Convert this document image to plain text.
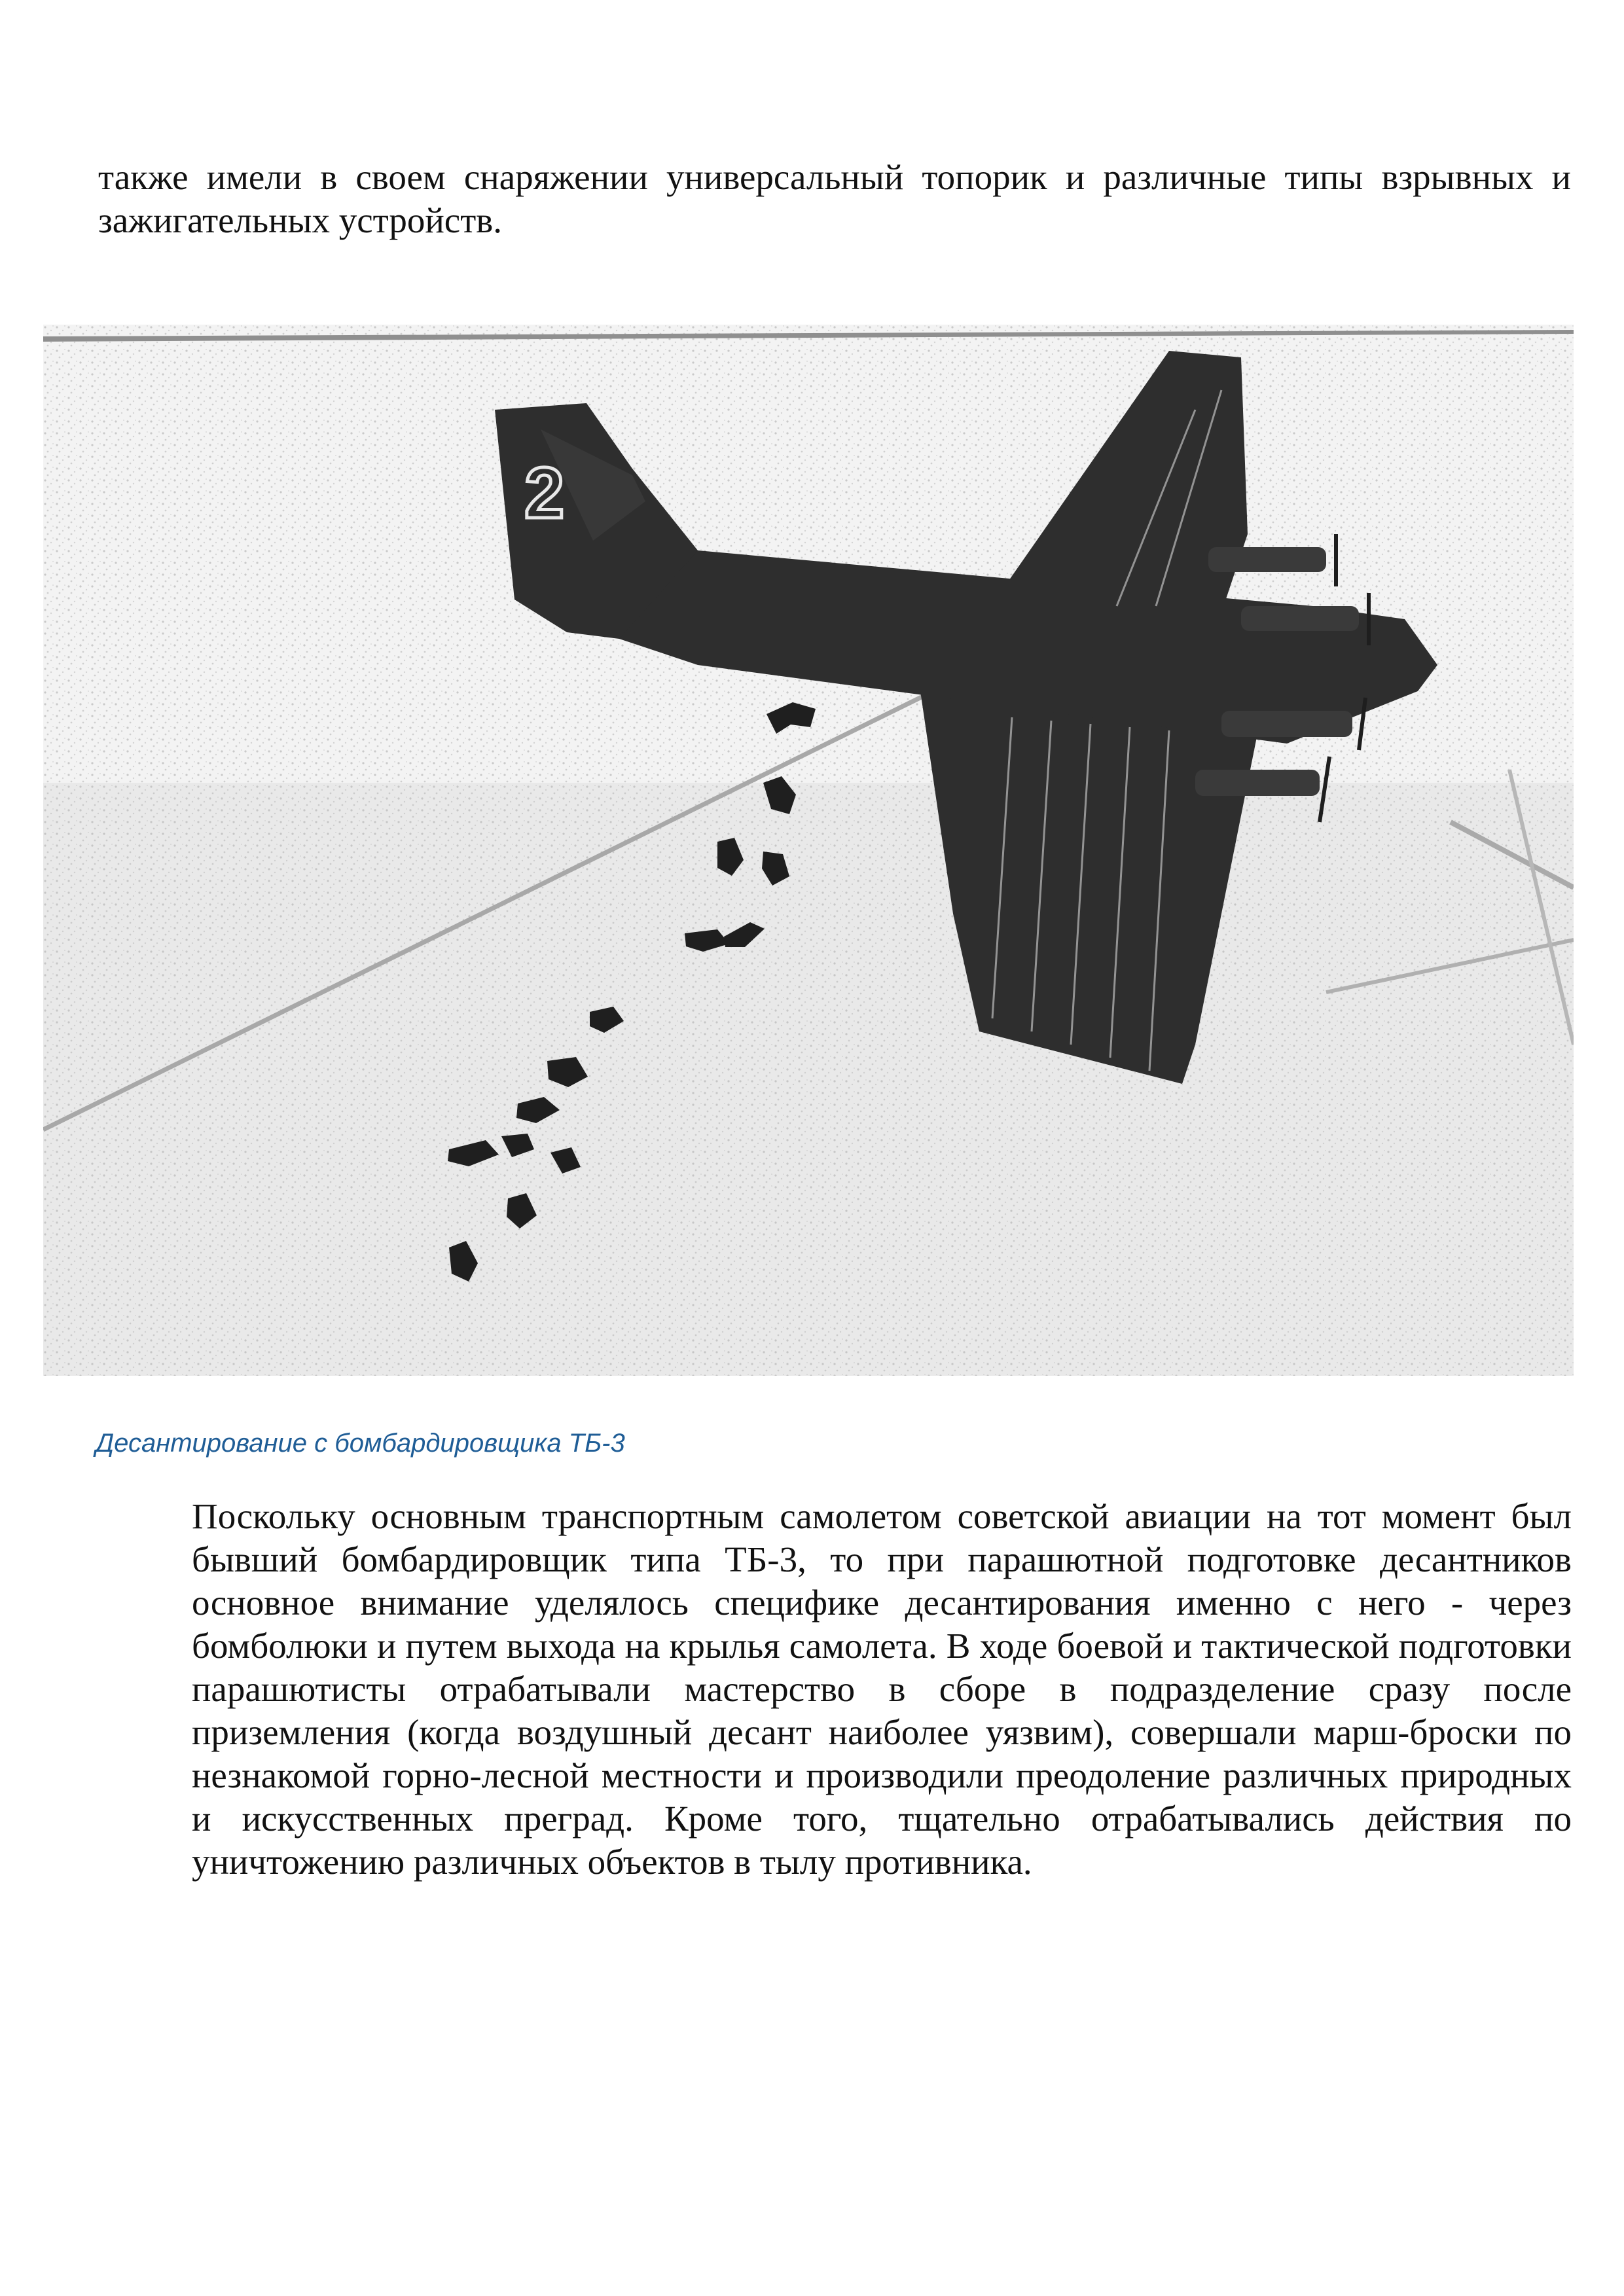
также имели в своем снаряжении универсальный топорик и различные типы взрывных и зажигательных устройств.

2

Десантирование с бомбардировщика ТБ-3

Поскольку основным транспортным самолетом советской авиации на тот момент был бывший бомбардировщик типа ТБ-3, то при парашютной подготовке десантников основное внимание уделялось специфике десантирования именно с него - через бомболюки и путем выхода на крылья самолета. В ходе боевой и тактической подготовки парашютисты отрабатывали мастерство в сборе в подразделение сразу после приземления (когда воздушный десант наиболее уязвим), совершали марш-броски по незнакомой горно-лесной местности и производили преодоление различных природных и искусственных преград. Кроме того, тщательно отрабатывались действия по уничтожению различных объектов в тылу противника.
